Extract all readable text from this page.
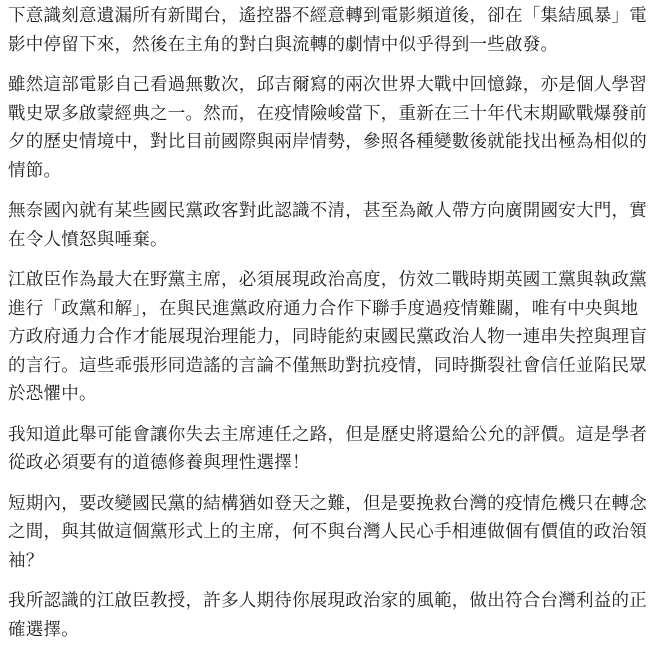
下意識刻意遺漏所有新聞台，遙控器不經意轉到電影頻道後，卻在「集結風暴」電影中停留下來，然後在主角的對白與流轉的劇情中似乎得到一些啟發。

雖然這部電影自己看過無數次，邱吉爾寫的兩次世界大戰中回憶錄，亦是個人學習戰史眾多啟蒙經典之一。然而，在疫情險峻當下，重新在三十年代末期歐戰爆發前夕的歷史情境中，對比目前國際與兩岸情勢，參照各種變數後就能找出極為相似的情節。

無奈國內就有某些國民黨政客對此認識不清，甚至為敵人帶方向廣開國安大門，實在令人憤怒與唾棄。

江啟臣作為最大在野黨主席，必須展現政治高度，仿效二戰時期英國工黨與執政黨進行「政黨和解」，在與民進黨政府通力合作下聯手度過疫情難關，唯有中央與地方政府通力合作才能展現治理能力，同時能約束國民黨政治人物一連串失控與理盲的言行。這些乖張形同造謠的言論不僅無助對抗疫情，同時撕裂社會信任並陷民眾於恐懼中。

我知道此舉可能會讓你失去主席連任之路，但是歷史將還給公允的評價。這是學者從政必須要有的道德修養與理性選擇！

短期內，要改變國民黨的結構猶如登天之難，但是要挽救台灣的疫情危機只在轉念之間，與其做這個黨形式上的主席，何不與台灣人民心手相連做個有價值的政治領袖？

我所認識的江啟臣教授，許多人期待你展現政治家的風範，做出符合台灣利益的正確選擇。
